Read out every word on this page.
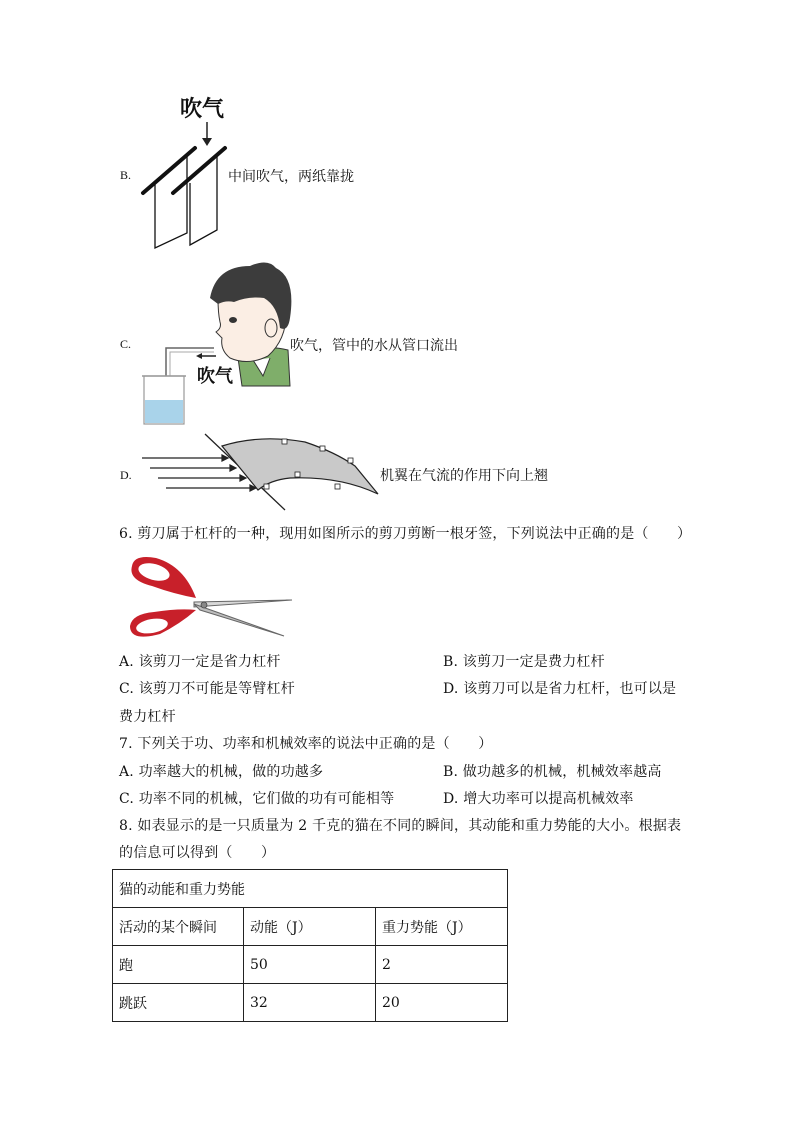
吹气
B.	中间吹气，两纸靠拢
吹气
C.	吹气，管中的水从管口流出
D.	机翼在气流的作用下向上翘
6. 剪刀属于杠杆的一种，现用如图所示的剪刀剪断一根牙签，下列说法中正确的是（　　）
A. 该剪刀一定是省力杠杆	B. 该剪刀一定是费力杠杆
C. 该剪刀不可能是等臂杠杆	D. 该剪刀可以是省力杠杆，也可以是
费力杠杆
7. 下列关于功、功率和机械效率的说法中正确的是（　　）
A. 功率越大的机械，做的功越多	B. 做功越多的机械，机械效率越高
C. 功率不同的机械，它们做的功有可能相等	D. 增大功率可以提高机械效率
8. 如表显示的是一只质量为 2 千克的猫在不同的瞬间，其动能和重力势能的大小。根据表
的信息可以得到（　　）
猫的动能和重力势能		
活动的某个瞬间	动能（J）	重力势能（J）
跑	50	2
跳跃	32	20
